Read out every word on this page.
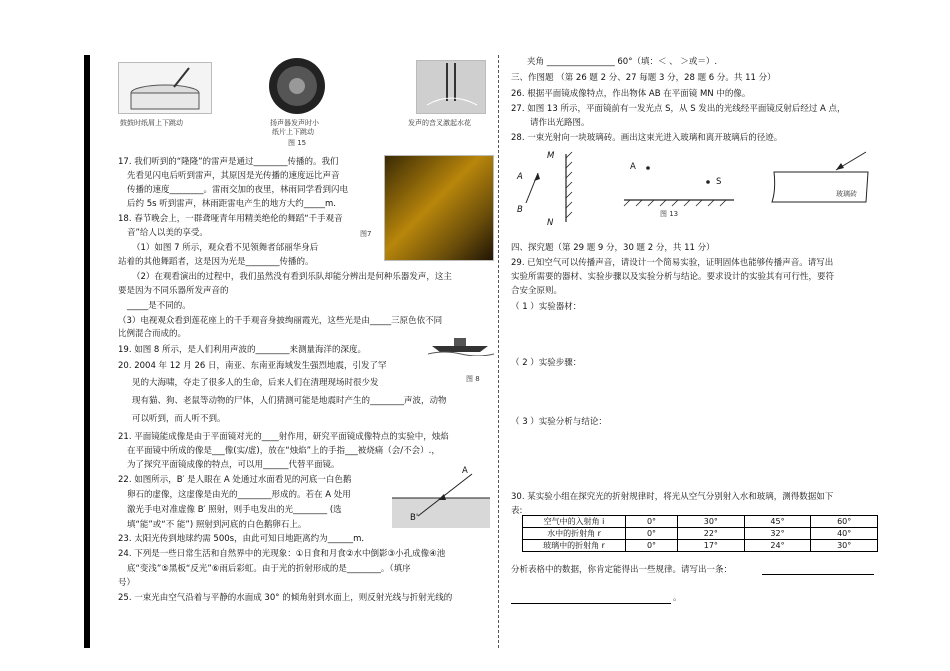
鼓鼓时纸屑上下跳动	扬声器发声时小
纸片上下跳动
发声的音叉激起水花
图 15
17. 我们听到的“隆隆”的雷声是通过________传播的。我们
先看见闪电后听到雷声，其原因是光传播的速度远比声音
传播的速度________。雷雨交加的夜里，林雨同学看到闪电
后约 5s 听到雷声，林雨距雷电产生的地方大约_____m.
图7
18. 春节晚会上，一群聋哑青年用精美绝伦的舞蹈“千手观音
音”给人以美的享受。
（1）如图 7 所示，观众看不见领舞者邰丽华身后
站着的其他舞蹈者，这是因为光是________传播的。
（2）在观看演出的过程中，我们虽然没有看到乐队却能分辨出是何种乐器发声，这主
要是因为不同乐器所发声音的
_____是不同的。
（3）电视观众看到莲花座上的千手观音身披绚丽霞光，这些光是由_____三原色依不同
比例混合而成的。
19. 如图 8 所示，是人们利用声波的________来测量海洋的深度。
图 8
20. 2004 年 12 月 26 日，南亚、东南亚海域发生强烈地震，引发了罕
见的大海啸，夺走了很多人的生命，后来人们在清理现场时很少发
现有猫、狗、老鼠等动物的尸体，人们猜测可能是地震时产生的________声波，动物
可以听到，而人听不到。
21. 平面镜能成像是由于平面镜对光的____射作用，研究平面镜成像特点的实验中，烛焰
在平面镜中所成的像是___像(实/虚)，放在“烛焰”上的手指___被烧痛（会/不会）.，
为了探究平面镜成像的特点，可以用______代替平面镜。
22. 如图所示，B′ 是人眼在 A 处通过水面看见的河底一白色鹅
卵石的虚像，这虚像是由光的________形成的。若在 A 处用
激光手电对准虚像 B′ 照射，则手电发出的光________ (选
填“能”或“不 能”) 照射到河底的白色鹅卵石上。
A
B'
23. 太阳光传到地球约需 500s，由此可知日地距离约为______m．
24. 下列是一些日常生活和自然界中的光现象：①日食和月食②水中倒影③小孔成像④池
底“变浅”⑤黑板“反光”⑥雨后彩虹。由于光的折射形成的是________。（填序
号）
25. 一束光由空气沿着与平静的水面成 30° 的倾角射到水面上，则反射光线与折射光线的
夹角 ________________ 60°（填：＜ 、 ＞或＝）.
三、作图题 （第 26 题 2 分、27 每题 3 分，28 题 6 分。共 11 分）
26. 根据平面镜成像特点，作出物体 AB 在平面镜 MN 中的像。
27. 如图 13 所示，平面镜前有一发光点 S，从 S 发出的光线经平面镜反射后经过 A 点，
请作出光路图。
28. 一束光射向一块玻璃砖。画出这束光进入玻璃和离开玻璃后的径迹。
M
N
A
B
A
S
图 13
玻璃砖
四、探究题（第 29 题 9 分，30 题 2 分，共 11 分）
29. 已知空气可以传播声音，请设计一个简易实验，证明固体也能够传播声音。请写出
实验所需要的器材、实验步骤以及实验分析与结论。要求设计的实验其有可行性，要符
合安全原则。
（ 1 ）实验器材：
（ 2 ）实验步骤：
（ 3 ）实验分析与结论：
30. 某实验小组在探究光的折射规律时，将光从空气分别射入水和玻璃，测得数据如下
表:
空气中的入射角 i	0°	30°	45°	60°
水中的折射角 r	0°	22°	32°	40°
玻璃中的折射角 r	0°	17°	24°	30°
分析表格中的数据，你肯定能得出一些规律。请写出一条：
。
